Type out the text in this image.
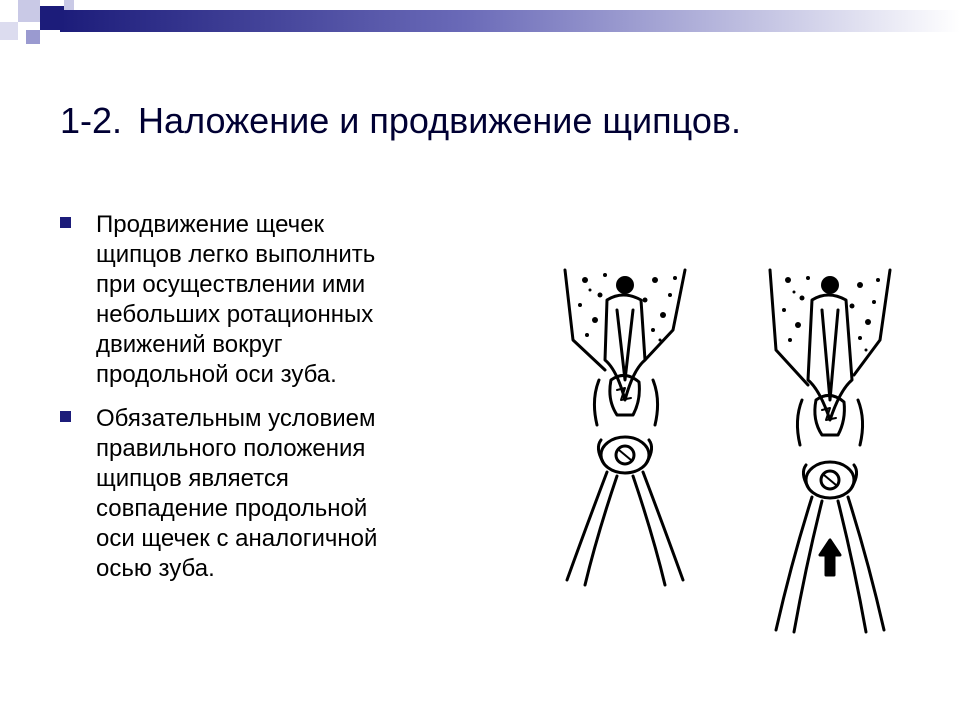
1-2. Наложение и продвижение щипцов.
Продвижение щечек
щипцов легко выполнить
при осуществлении ими
небольших ротационных
движений вокруг
продольной оси зуба.
Обязательным условием
правильного положения
щипцов является
совпадение продольной
оси щечек с аналогичной
осью зуба.
